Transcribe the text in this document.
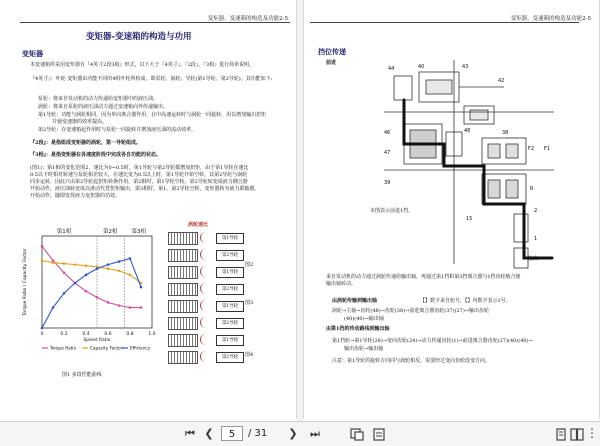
变矩器、变速箱的构造及功能2-5
变矩器-变速箱的构造与功用
变矩器
本变速箱所采用变矩器有『4英寸2段3相』形式，以下大于『4英寸』、『2段』、『3相』进行简单说明。
『4英寸』：叶轮 变矩器由功能不同的4组叶轮所构成，即泵轮、涡轮、导轮(第1导轮、第2导轮)。其功能如下:
泵轮：将来自发动机的动力传递给变矩器中的液压油。
涡轮：将来自泵轮的液压油动力通过变速箱向外传递输出。
第1导轮：功能与涡轮相同，因为单向离合器作用，在中高速运转时与涡轮一同旋转，用以增加输出扭矩
并使变速器的效率提高。
第2导轮：在变速箱起作用时与泵轮一同旋转并增加液压油的流动效率。
『2段』：是指组成变矩器的涡轮，第一导轮组成。
『3相』：是指变矩器在各速度阶段中完成各自功能的状态。
(图1)：第1相的变化范围2，速比为0~0.5时，第1导轮与第2导轮都增加扭矩，由于第1导轮在速比
0.5以下时相对转速与泵轮相差较大，在速比变为0.5以上时，第1导轮开始空转，其第2导轮与涡轮
同步运转，因此只由第2导轮起扭矩转换作用，第2相时，第1导轮空转。第2导轮转变成液力耦合器
开始动作，液压油转变成以滑动代替扭矩输出，第3相时，第1、第2导轮空转，变矩器转为液力联轴器。
开始动作，随即发挥液力变扭器的功效。
第1相	第2相	第3相
0	0.2	0.4	0.6	0.8	1.0
Speed Ratio
Torque Ratio / Capacity Factor
Torque Ratio	Capacity Factor Efficiency
图1 多段性能曲线
涡轮速比
第1导轮
第2导轮
第1导轮
第2导轮
第1导轮
第2导轮
第1导轮
第2导轮
图2
图3
图4
变矩器、变速箱的构造及功能2-5
挡位传递
前进
44	40	43
42
46
47
48	38
39
F2 F1
R
2
1
15
本图表示前进1挡。
输出
来自发动机的动力通过涡轮传递给输出轴，再通过第1挡和第3挡离合器与1挡齿轮啮合使
输出轴转动。
由涡轮传输到输出轴	【】数字来自轮号，【】内数字表示1号。
涡轮→主轴→齿轮(48)→齿轮(38)→前进离合器齿轮(37)(27)→输出齿轮
(40)(40)→输出轴
由第1挡的传动路线到输出轴
第1挡轮→第1导轮(28)→变向齿轮(24)→动力传递齿轮(1)→前进离合器齿轮(27)(40)(40)→
输出齿轮→输出轴
注意：第1导轮的旋转方向同与涡轮相反，需要经过变向齿轮改变方向。
⏮ ❮	5	/ 31 ❯ ⏭	⋮
